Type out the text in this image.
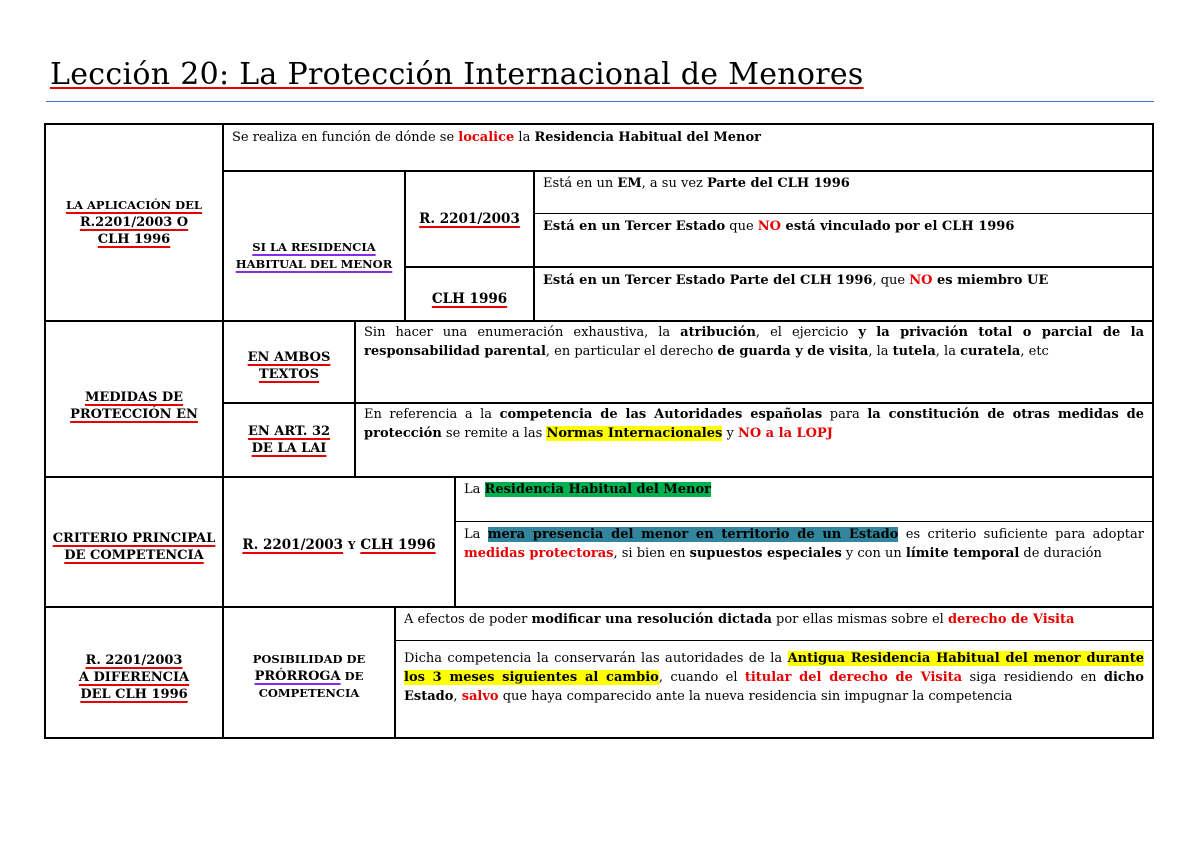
Lección 20: La Protección Internacional de Menores
LA APLICACIÓN DEL
R.2201/2003 O
CLH 1996
Se realiza en función de dónde se localice la Residencia Habitual del Menor
SI LA RESIDENCIA
HABITUAL DEL MENOR
R. 2201/2003
Está en un EM, a su vez Parte del CLH 1996
Está en un Tercer Estado que NO está vinculado por el CLH 1996
CLH 1996
Está en un Tercer Estado Parte del CLH 1996, que NO es miembro UE
MEDIDAS DE
PROTECCIÓN EN
EN AMBOS
TEXTOS
Sin hacer una enumeración exhaustiva, la atribución, el ejercicio y la privación total o parcial de la responsabilidad parental, en particular el derecho de guarda y de visita, la tutela, la curatela, etc
EN ART. 32
DE LA LAI
En referencia a la competencia de las Autoridades españolas para la constitución de otras medidas de protección se remite a las Normas Internacionales y NO a la LOPJ
CRITERIO PRINCIPAL
DE COMPETENCIA
R. 2201/2003 Y CLH 1996
La Residencia Habitual del Menor
La mera presencia del menor en territorio de un Estado es criterio suficiente para adoptar medidas protectoras, si bien en supuestos especiales y con un límite temporal de duración
R. 2201/2003
A DIFERENCIA
DEL CLH 1996
POSIBILIDAD DE
PRÓRROGA DE
COMPETENCIA
A efectos de poder modificar una resolución dictada por ellas mismas sobre el derecho de Visita
Dicha competencia la conservarán las autoridades de la Antigua Residencia Habitual del menor durante los 3 meses siguientes al cambio, cuando el titular del derecho de Visita siga residiendo en dicho Estado, salvo que haya comparecido ante la nueva residencia sin impugnar la competencia
